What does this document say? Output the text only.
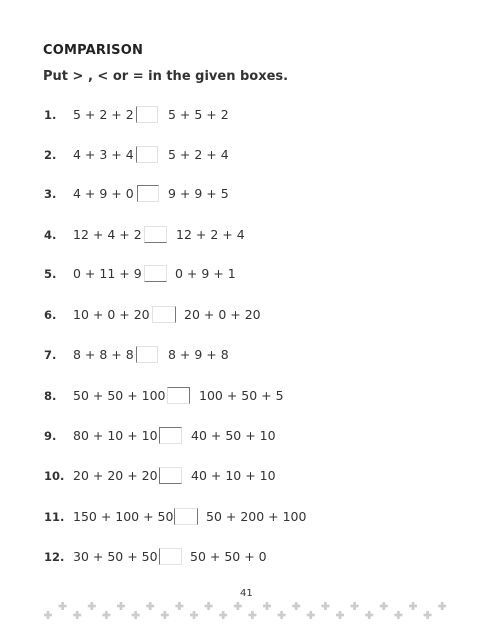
COMPARISON
Put > , < or = in the given boxes.
1. 5 + 2 + 2	5 + 5 + 2
2. 4 + 3 + 4	5 + 2 + 4
3. 4 + 9 + 0	9 + 9 + 5
4. 12 + 4 + 2	12 + 2 + 4
5. 0 + 11 + 9	0 + 9 + 1
6. 10 + 0 + 20	20 + 0 + 20
7. 8 + 8 + 8	8 + 9 + 8
8. 50 + 50 + 100	100 + 50 + 5
9. 80 + 10 + 10	40 + 50 + 10
10. 20 + 20 + 20	40 + 10 + 10
11. 150 + 100 + 50	50 + 200 + 100
12. 30 + 50 + 50	50 + 50 + 0
41
